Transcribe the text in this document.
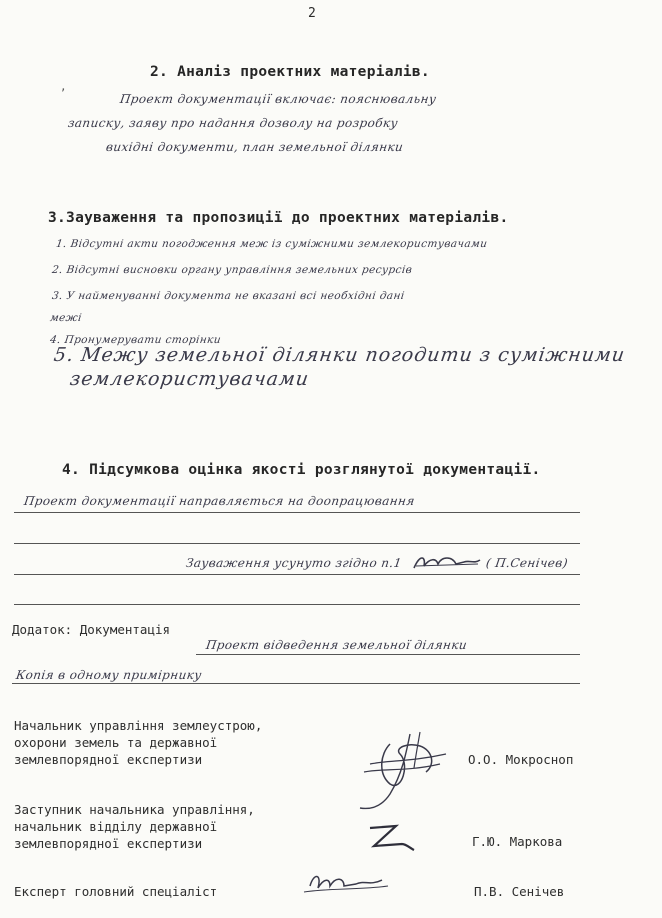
2
‚
2. Аналіз проектних матеріалів.
Проект документації включає: пояснювальну
записку, заяву про надання дозволу на розробку
вихідні документи, план земельної ділянки
3.Зауваження та пропозиції до проектних матеріалів.
1. Відсутні акти погодження меж із суміжними землекористувачами
2. Відсутні висновки органу управління земельних ресурсів
3. У найменуванні документа не вказані всі необхідні дані
межі
4. Пронумерувати сторінки
5. Межу земельної ділянки погодити з суміжними
землекористувачами
4. Підсумкова оцінка якості розглянутої документації.
Проект документації направляється на доопрацювання
Зауваження усунуто згідно п.1	( П.Сенічев)
Додаток: Документація
Проект відведення земельної ділянки
Копія в одному примірнику
Начальник управління землеустрою,
охорони земель та державної
землевпорядної експертизи	О.О. Мокросноп
Заступник начальника управління,
начальник відділу державної
землевпорядної експертизи	Г.Ю. Маркова
Експерт головний спеціаліст	П.В. Сенічев
